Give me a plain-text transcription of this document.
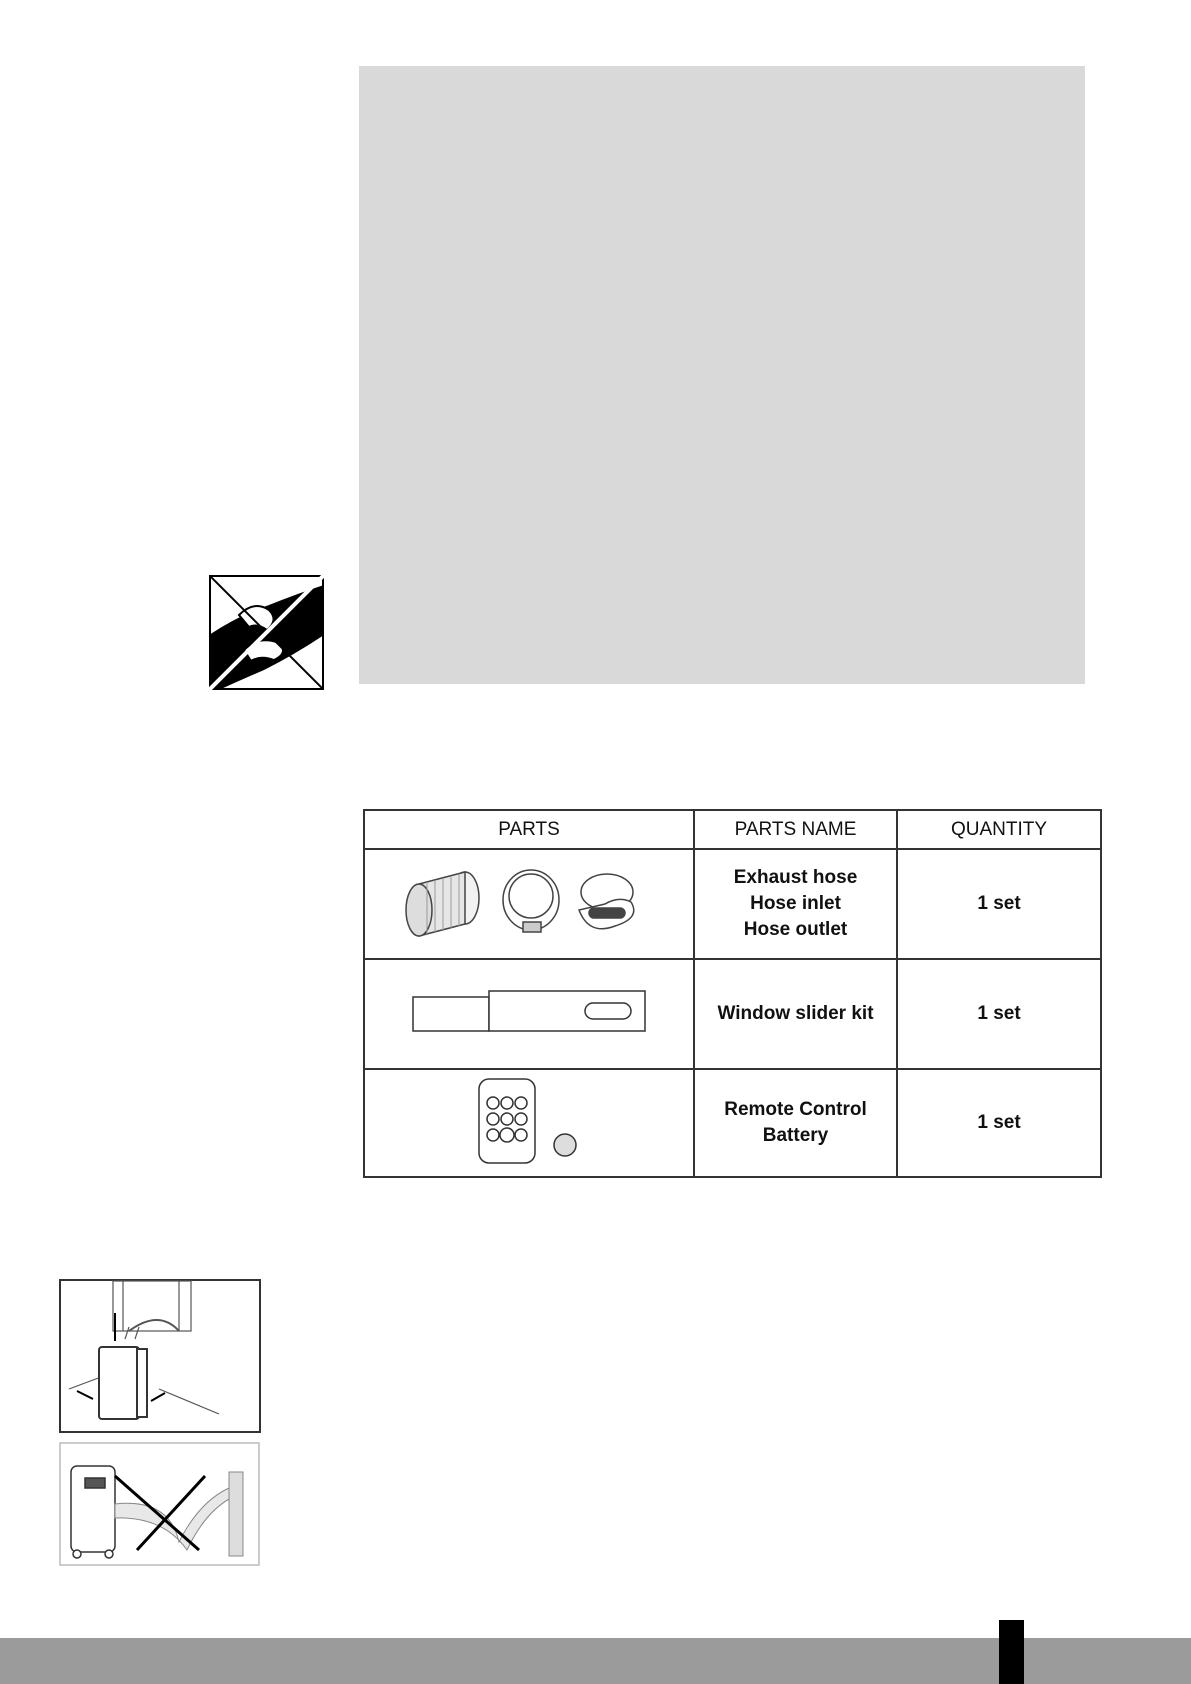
PARTS	PARTS NAME	QUANTITY

Exhaust hose
Hose inlet
Hose outlet	1 set

Window slider kit	1 set

Remote Control
Battery	1 set
